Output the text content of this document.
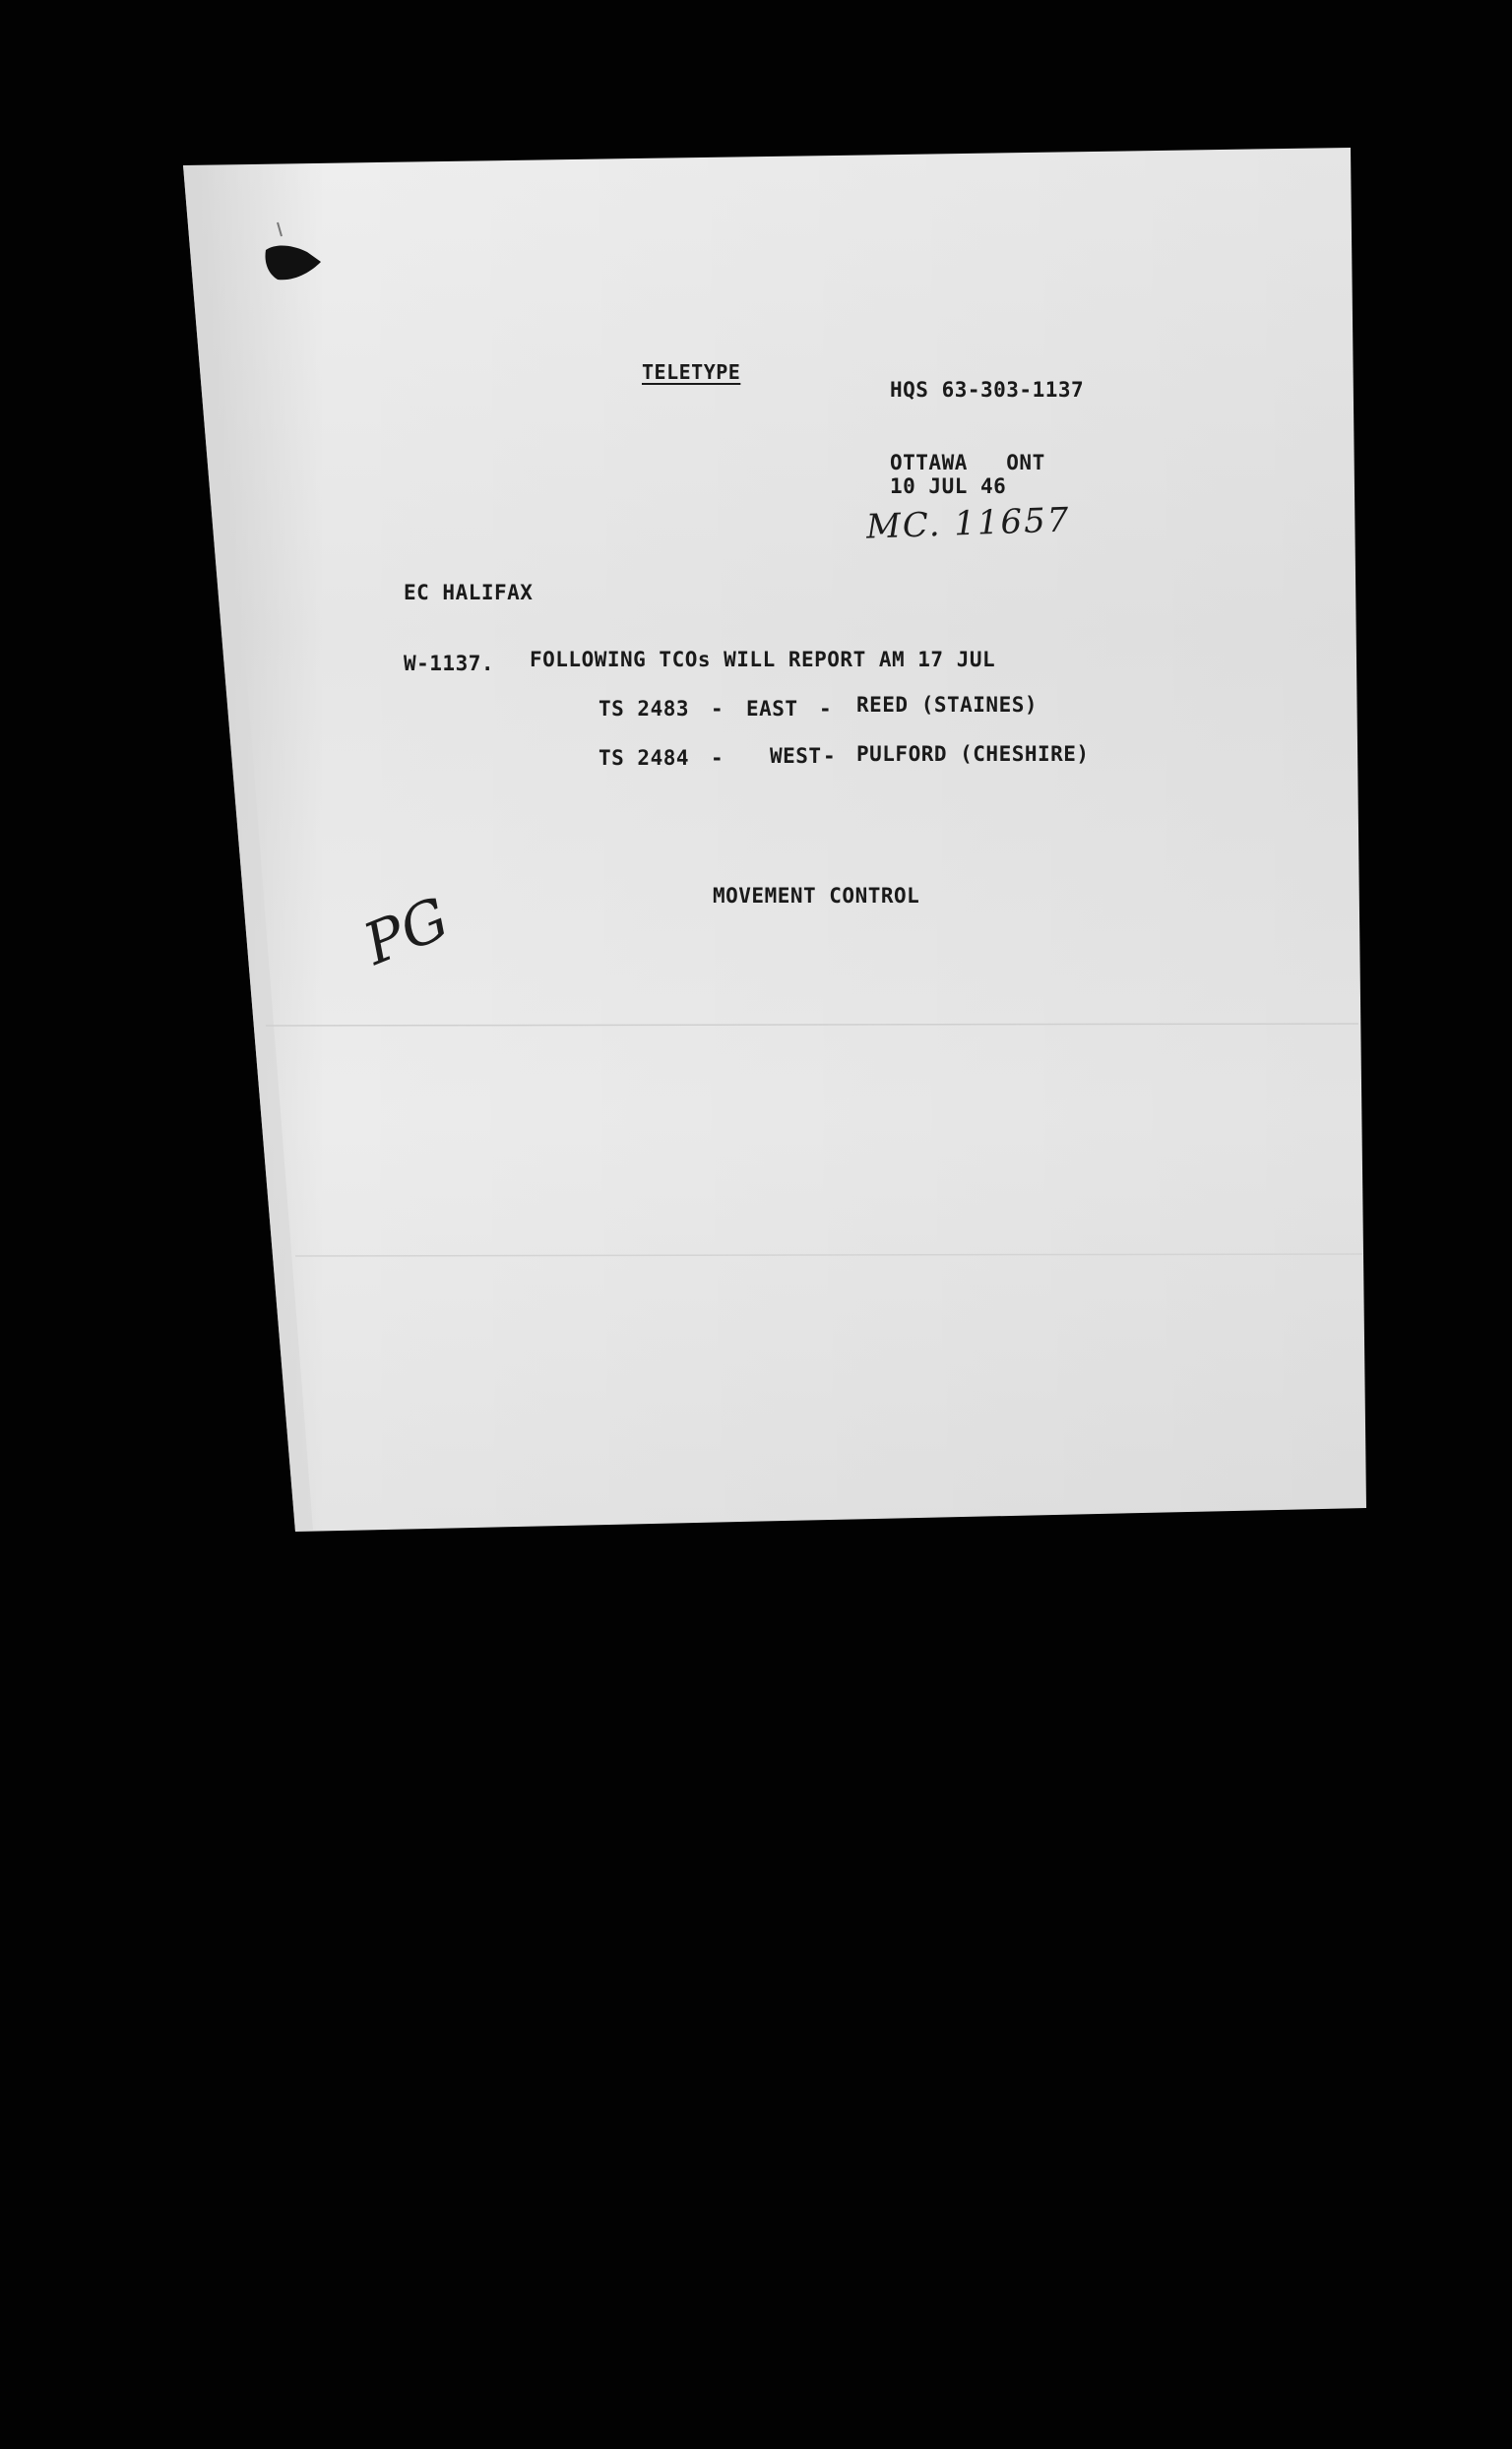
TELETYPE
HQS 63-303-1137
OTTAWA   ONT
10 JUL 46
MC. 11657
EC HALIFAX
W-1137. FOLLOWING TCOs WILL REPORT AM 17 JUL
TS 2483 - EAST - REED (STAINES)
TS 2484 - WEST - PULFORD (CHESHIRE)
MOVEMENT CONTROL
PG
